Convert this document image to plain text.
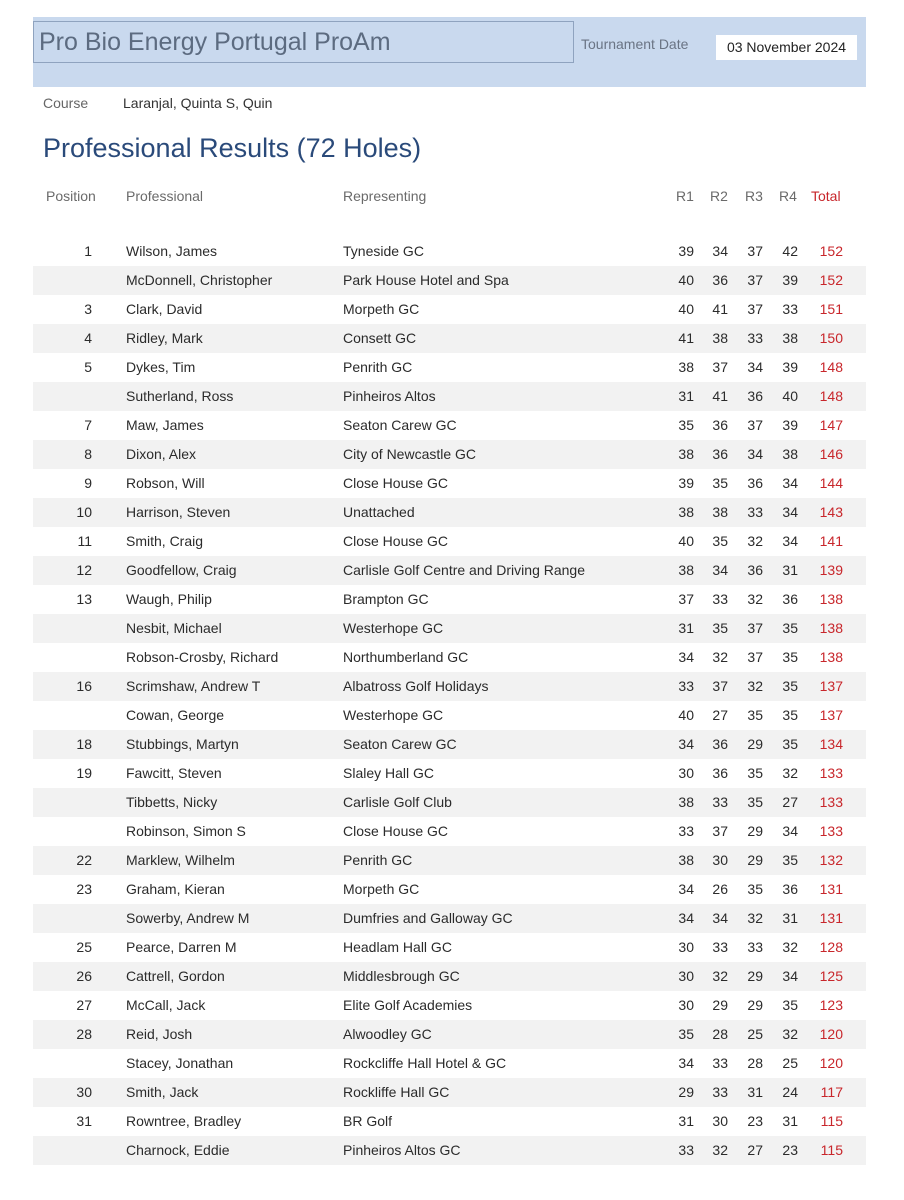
Pro Bio Energy Portugal ProAm	Tournament Date	03 November 2024
Course Laranjal, Quinta S, Quin
Professional Results (72 Holes)
Position Professional	Representing	R1 R2 R3 R4 Total
1 Wilson, James	Tyneside GC	39	34	37	42	152
McDonnell, Christopher	Park House Hotel and Spa	40	36	37	39	152
3 Clark, David	Morpeth GC	40	41	37	33	151
4 Ridley, Mark	Consett GC	41	38	33	38	150
5 Dykes, Tim	Penrith GC	38	37	34	39	148
Sutherland, Ross	Pinheiros Altos	31	41	36	40	148
7 Maw, James	Seaton Carew GC	35	36	37	39	147
8 Dixon, Alex	City of Newcastle GC	38	36	34	38	146
9 Robson, Will	Close House GC	39	35	36	34	144
10 Harrison, Steven	Unattached	38	38	33	34	143
11 Smith, Craig	Close House GC	40	35	32	34	141
12 Goodfellow, Craig	Carlisle Golf Centre and Driving Range	38	34	36	31	139
13 Waugh, Philip	Brampton GC	37	33	32	36	138
Nesbit, Michael	Westerhope GC	31	35	37	35	138
Robson-Crosby, Richard	Northumberland GC	34	32	37	35	138
16 Scrimshaw, Andrew T	Albatross Golf Holidays	33	37	32	35	137
Cowan, George	Westerhope GC	40	27	35	35	137
18 Stubbings, Martyn	Seaton Carew GC	34	36	29	35	134
19 Fawcitt, Steven	Slaley Hall GC	30	36	35	32	133
Tibbetts, Nicky	Carlisle Golf Club	38	33	35	27	133
Robinson, Simon S	Close House GC	33	37	29	34	133
22 Marklew, Wilhelm	Penrith GC	38	30	29	35	132
23 Graham, Kieran	Morpeth GC	34	26	35	36	131
Sowerby, Andrew M	Dumfries and Galloway GC	34	34	32	31	131
25 Pearce, Darren M	Headlam Hall GC	30	33	33	32	128
26 Cattrell, Gordon	Middlesbrough GC	30	32	29	34	125
27 McCall, Jack	Elite Golf Academies	30	29	29	35	123
28 Reid, Josh	Alwoodley GC	35	28	25	32	120
Stacey, Jonathan	Rockcliffe Hall Hotel & GC	34	33	28	25	120
30 Smith, Jack	Rockliffe Hall GC	29	33	31	24	117
31 Rowntree, Bradley	BR Golf	31	30	23	31	115
Charnock, Eddie	Pinheiros Altos GC	33	32	27	23	115
